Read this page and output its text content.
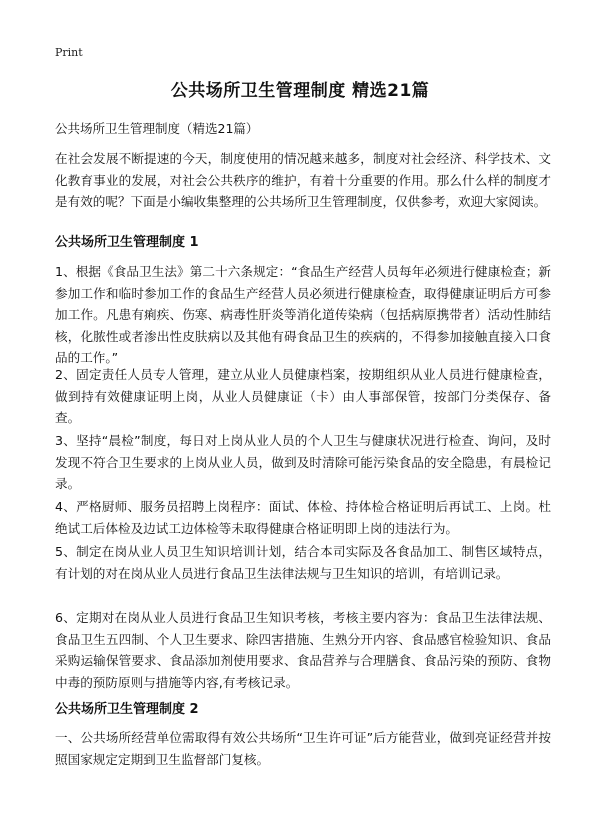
Print
公共场所卫生管理制度 精选21篇
公共场所卫生管理制度（精选21篇）

在社会发展不断提速的今天，制度使用的情况越来越多，制度对社会经济、科学技术、文化教育事业的发展，对社会公共秩序的维护，有着十分重要的作用。那么什么样的制度才是有效的呢？下面是小编收集整理的公共场所卫生管理制度，仅供参考，欢迎大家阅读。

公共场所卫生管理制度 1

1、根据《食品卫生法》第二十六条规定：“食品生产经营人员每年必须进行健康检查；新参加工作和临时参加工作的食品生产经营人员必须进行健康检查，取得健康证明后方可参加工作。凡患有痢疾、伤寒、病毒性肝炎等消化道传染病（包括病原携带者）活动性肺结核，化脓性或者渗出性皮肤病以及其他有碍食品卫生的疾病的，不得参加接触直接入口食品的工作。”

2、固定责任人员专人管理，建立从业人员健康档案，按期组织从业人员进行健康检查，做到持有效健康证明上岗，从业人员健康证（卡）由人事部保管，按部门分类保存、备查。

3、坚持“晨检”制度，每日对上岗从业人员的个人卫生与健康状况进行检查、询问，及时发现不符合卫生要求的上岗从业人员，做到及时清除可能污染食品的安全隐患，有晨检记录。

4、严格厨师、服务员招聘上岗程序：面试、体检、持体检合格证明后再试工、上岗。杜绝试工后体检及边试工边体检等未取得健康合格证明即上岗的违法行为。

5、制定在岗从业人员卫生知识培训计划，结合本司实际及各食品加工、制售区域特点，有计划的对在岗从业人员进行食品卫生法律法规与卫生知识的培训，有培训记录。

6、定期对在岗从业人员进行食品卫生知识考核，考核主要内容为：食品卫生法律法规、食品卫生五四制、个人卫生要求、除四害措施、生熟分开内容、食品感官检验知识、食品采购运输保管要求、食品添加剂使用要求、食品营养与合理膳食、食品污染的预防、食物中毒的预防原则与措施等内容,有考核记录。

公共场所卫生管理制度 2

一、公共场所经营单位需取得有效公共场所“卫生许可证”后方能营业，做到亮证经营并按照国家规定定期到卫生监督部门复核。
